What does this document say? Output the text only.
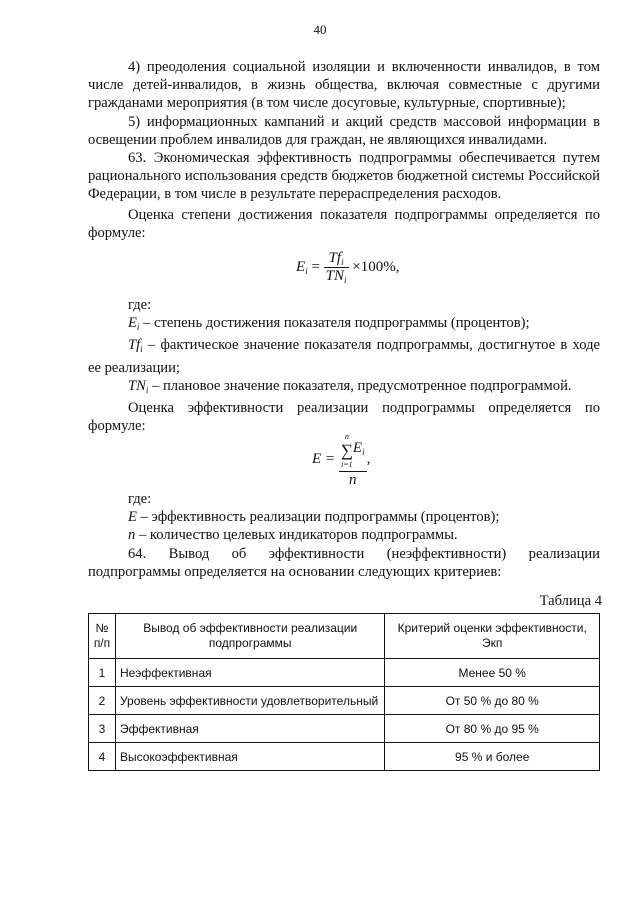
40

4) преодоления социальной изоляции и включенности инвалидов, в том числе детей-инвалидов, в жизнь общества, включая совместные с другими гражданами мероприятия (в том числе досуговые, культурные, спортивные);

5) информационных кампаний и акций средств массовой информации в освещении проблем инвалидов для граждан, не являющихся инвалидами.

63. Экономическая эффективность подпрограммы обеспечивается путем рационального использования средств бюджетов бюджетной системы Российской Федерации, в том числе в результате перераспределения расходов.

Оценка степени достижения показателя подпрограммы определяется по формуле:

$E_i = \frac{Tf_i}{TN_i} \times 100\%$,

где:

$E_i$ – степень достижения показателя подпрограммы (процентов);

$Tf_i$ – фактическое значение показателя подпрограммы, достигнутое в ходе ее реализации;

$TN_i$ – плановое значение показателя, предусмотренное подпрограммой.

Оценка эффективности реализации подпрограммы определяется по формуле:

E = n
∑
i=1
$E_i$
n ,

где:

E – эффективность реализации подпрограммы (процентов);

n – количество целевых индикаторов подпрограммы.

64. Вывод об эффективности (неэффективности) реализации подпрограммы определяется на основании следующих критериев:

Таблица 4
№ п/п	Вывод об эффективности реализации подпрограммы	Критерий оценки эффективности, Экп
1	Неэффективная	Менее 50 %
2	Уровень эффективности удовлетворительный	От 50 % до 80 %
3	Эффективная	От 80 % до 95 %
4	Высокоэффективная	95 % и более
